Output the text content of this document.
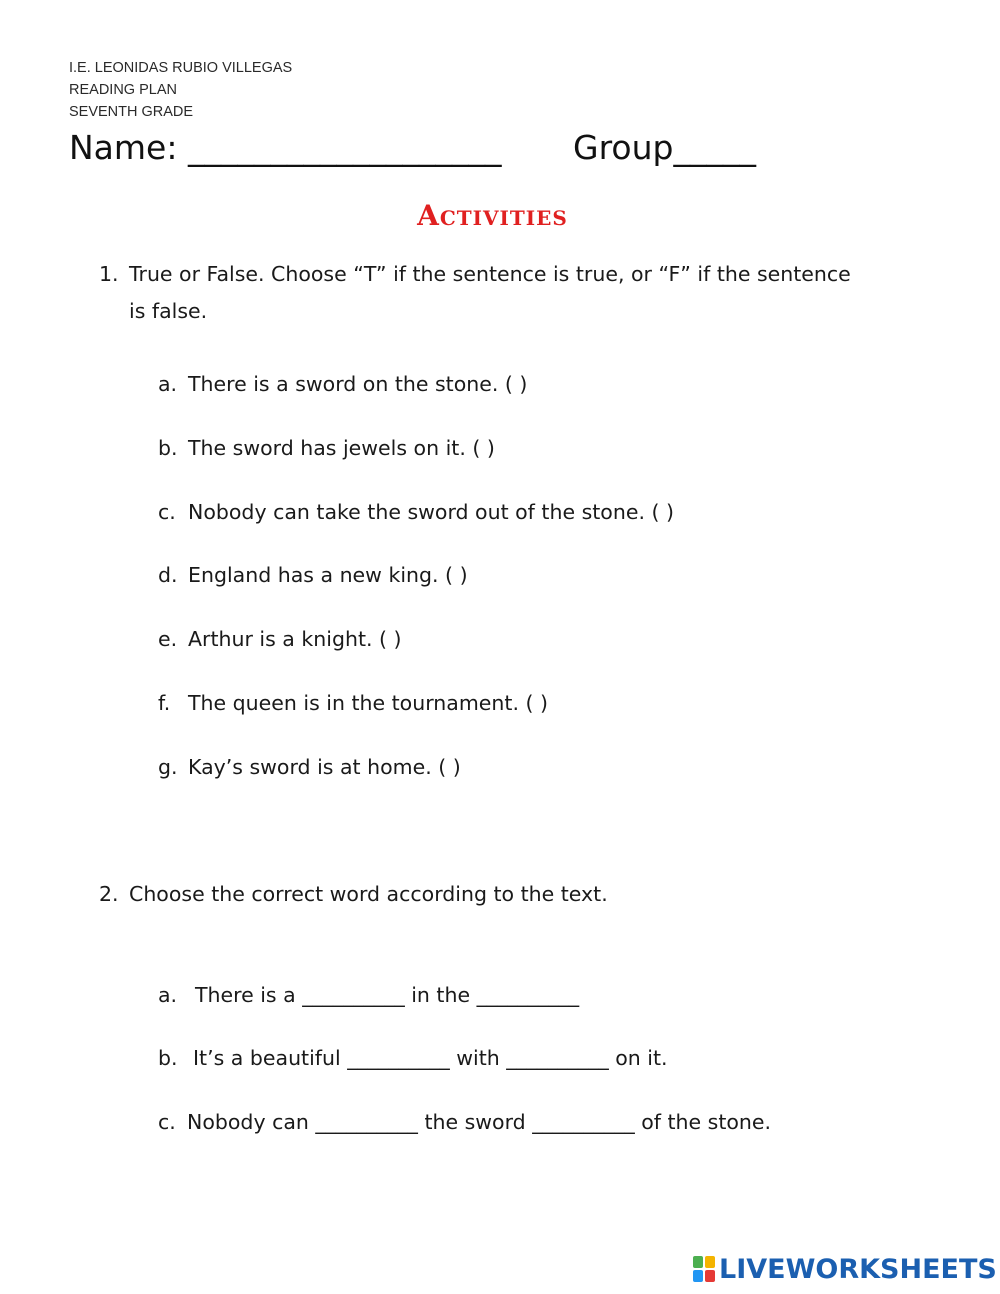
I.E. LEONIDAS RUBIO VILLEGAS
READING PLAN
SEVENTH GRADE
Name: ___________________ Group_____
Activities
1. True or False. Choose “T” if the sentence is true, or “F” if the sentence
is false.
a. There is a sword on the stone. ( )
b. The sword has jewels on it. ( )
c. Nobody can take the sword out of the stone. ( )
d. England has a new king. ( )
e. Arthur is a knight. ( )
f. The queen is in the tournament. ( )
g. Kay’s sword is at home. ( )
2. Choose the correct word according to the text.
a. There is a __________ in the __________
b. It’s a beautiful __________ with __________ on it.
c. Nobody can __________ the sword __________ of the stone.
LIVEWORKSHEETS
